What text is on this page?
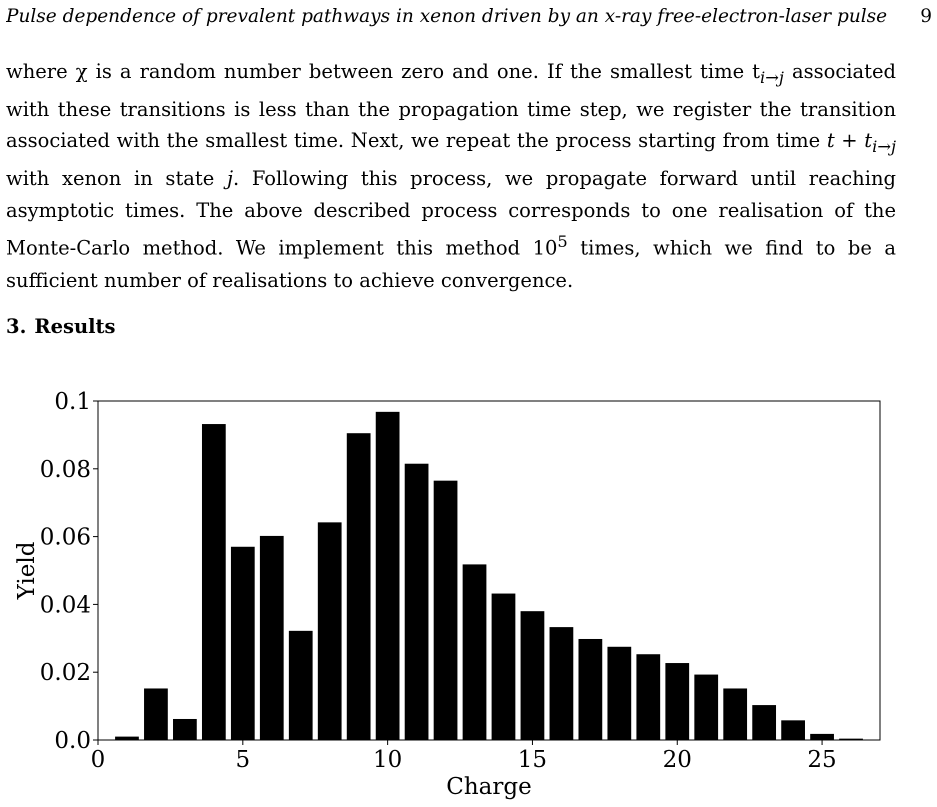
Pulse dependence of prevalent pathways in xenon driven by an x-ray free-electron-laser pulse 9

where χ is a random number between zero and one. If the smallest time $t_{i\to j}$ associated with these transitions is less than the propagation time step, we register the transition associated with the smallest time. Next, we repeat the process starting from time $t + t_{i\to j}$ with xenon in state j. Following this process, we propagate forward until reaching asymptotic times. The above described process corresponds to one realisation of the Monte-Carlo method. We implement this method $10^5$ times, which we find to be a sufficient number of realisations to achieve convergence.

3. Results
0	5	10	15	20	25
0.0
0.02
0.04
0.06
0.08
0.1
Charge
Yield
